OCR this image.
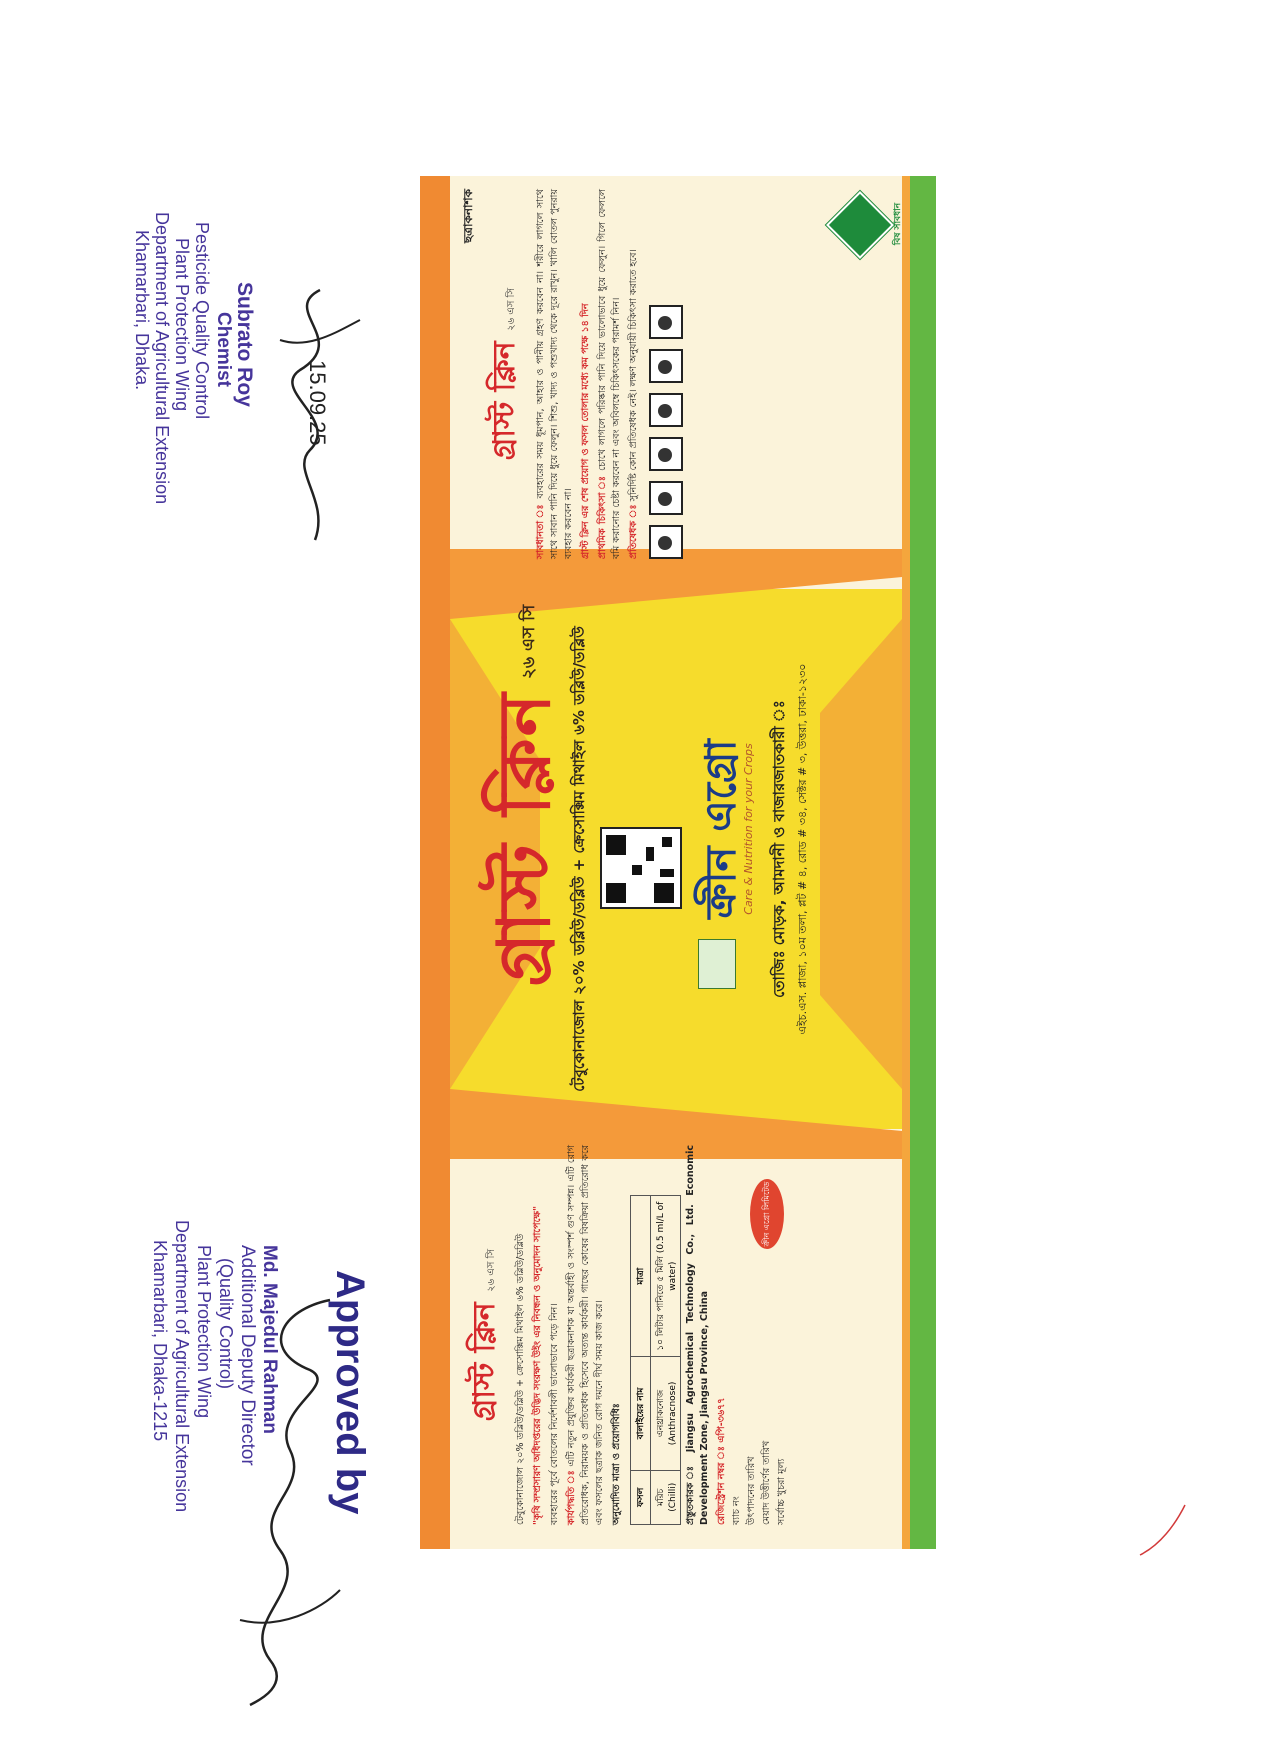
গ্রাস্ট ক্লিন
২৬ এস সি	টেবুকোনাজোল ২০% ডব্লিউ/ডব্লিউ + ক্রেসোক্সিম মিথাইল ৬% ডব্লিউ/ডব্লিউ	ক্রীন এগ্রো
Care & Nutrition for your Crops তোজিঃ মোড়ক, আমদানী ও বাজারজাতকারী ঃ এইচ.এস. প্লাজা, ১০ম তলা, প্লট # ৪, রোড # ৩৪, সেক্টর # ৩, উত্তরা, ঢাকা-১২৩০
গ্রাস্ট ক্লিন ২৬ এস সি	টেবুকোনাজোল ২০% ডব্লিউ/ডব্লিউ + ক্রেসোক্সিম মিথাইল ৬% ডব্লিউ/ডব্লিউ "কৃষি সম্প্রসারণ অধিদপ্তরের উদ্ভিদ সংরক্ষণ উইং এর নিবন্ধন ও অনুমোদন সাপেক্ষে" ব্যবহারের পূর্বে বোতলের নির্দেশাবলী ভালোভাবে পড়ে নিন। কার্যপদ্ধতি ঃ এটি নতুন প্রযুক্তির কার্যকরী ছত্রাকনাশক যা অন্তর্বাহী ও সংস্পর্শ গুণ সম্পন্ন। এটি রোগ প্রতিরোধক, নিরাময়ক ও প্রতিষেধক হিসেবে অত্যন্ত কার্যকরী। গাছের কোষের বিষক্রিয়া প্রতিরোধ করে এবং ফসলের ছত্রাক জনিত রোগ দমনে দীর্ঘ সময় কাজ করে। অনুমোদিত মাত্রা ও প্রয়োগবিধিঃ ফসল	বালাইয়ের নাম	মাত্রা
মরিচ (Chilli)	এনথ্রাকনোজ (Anthracnose)	১০ লিটার পানিতে ৫ মিলি (0.5 ml/L of water) প্রস্তুতকারক ঃ Jiangsu Agrochemical Technology Co., Ltd. Economic Development Zone, Jiangsu Province, China রেজিস্ট্রেশন নম্বর ঃ এপি-৩৬৭৭ ব্যাচ নং উৎপাদনের তারিখ মেয়াদ উত্তীর্ণের তারিখ সর্বোচ্চ খুচরা মূল্য
ক্রীন এগ্রো লিমিটেড
ছত্রাকনাশক
গ্রাস্ট ক্লিন ২৬ এস সি
সাবধানতা ঃ ব্যবহারের সময় ধূমপান, আহার ও পানীয় গ্রহণ করবেন না। শরীরে লাগলে সাথে সাথে সাবান পানি দিয়ে ধুয়ে ফেলুন। শিশু, খাদ্য ও পশুখাদ্য থেকে দূরে রাখুন। খালি বোতল পুনরায় ব্যবহার করবেন না। গ্রাস্ট ক্লিন এর শেষ প্রয়োগ ও ফসল তোলার মধ্যে কম পক্ষে ১৪ দিন প্রাথমিক চিকিৎসা ঃ চোখে লাগলে পরিষ্কার পানি দিয়ে ভালোভাবে ধুয়ে ফেলুন। গিলে ফেললে বমি করানোর চেষ্টা করবেন না এবং অবিলম্বে চিকিৎসকের পরামর্শ নিন। প্রতিষেধক ঃ সুনির্দিষ্ট কোন প্রতিষেধক নেই। লক্ষণ অনুযায়ী চিকিৎসা করাতে হবে।
বিষ সাবধান
Approved by
Md. Majedul Rahman
Additional Deputy Director
(Quality Control)
Plant Protection Wing
Department of Agricultural Extension
Khamarbari, Dhaka-1215
Subrato Roy
Chemist
Pesticide Quality Control
Plant Protection Wing
Department of Agricultural Extension
Khamarbari, Dhaka.
15.09.25
